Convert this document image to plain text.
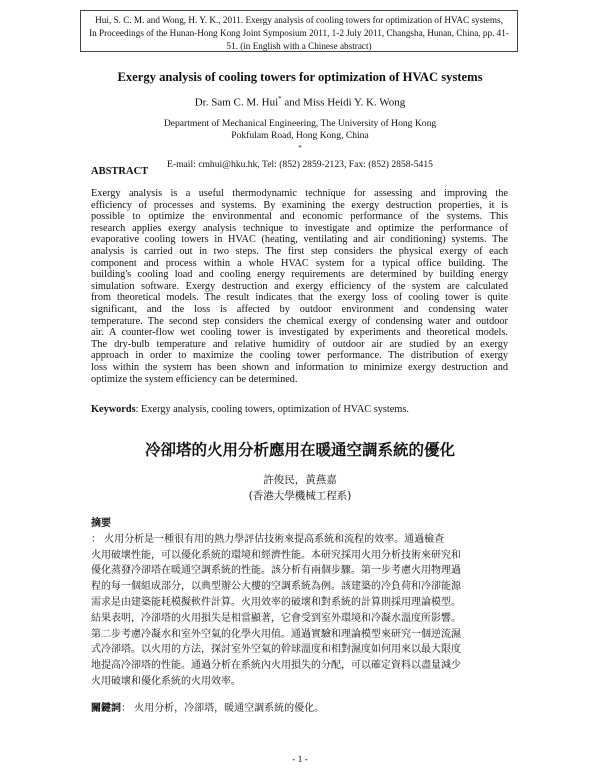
Hui, S. C. M. and Wong, H. Y. K., 2011. Exergy analysis of cooling towers for optimization of HVAC systems,
In Proceedings of the Hunan-Hong Kong Joint Symposium 2011, 1-2 July 2011, Changsha, Hunan, China, pp. 41-
51. (in English with a Chinese abstract)
Exergy analysis of cooling towers for optimization of HVAC systems
Dr. Sam C. M. Hui* and Miss Heidi Y. K. Wong
Department of Mechanical Engineering, The University of Hong Kong
Pokfulam Road, Hong Kong, China
*
E-mail: cmhui@hku.hk, Tel: (852) 2859-2123, Fax: (852) 2858-5415
ABSTRACT
Exergy analysis is a useful thermodynamic technique for assessing and improving the
efficiency of processes and systems. By examining the exergy destruction properties, it is
possible to optimize the environmental and economic performance of the systems. This
research applies exergy analysis technique to investigate and optimize the performance of
evaporative cooling towers in HVAC (heating, ventilating and air conditioning) systems. The
analysis is carried out in two steps. The first step considers the physical exergy of each
component and process within a whole HVAC system for a typical office building. The
building's cooling load and cooling energy requirements are determined by building energy
simulation software. Exergy destruction and exergy efficiency of the system are calculated
from theoretical models. The result indicates that the exergy loss of cooling tower is quite
significant, and the loss is affected by outdoor environment and condensing water
temperature. The second step considers the chemical exergy of condensing water and outdoor
air. A counter-flow wet cooling tower is investigated by experiments and theoretical models.
The dry-bulb temperature and relative humidity of outdoor air are studied by an exergy
approach in order to maximize the cooling tower performance. The distribution of exergy
loss within the system has been shown and information to minimize exergy destruction and
optimize the system efficiency can be determined.
Keywords: Exergy analysis, cooling towers, optimization of HVAC systems.
冷卻塔的火用分析應用在暖通空調系統的優化
許俊民，黃燕嘉
(香港大學機械工程系)
摘要
： 火用分析是一種很有用的熱力學評估技術來提高系統和流程的效率。通過檢查
火用破壞性能，可以優化系統的環境和經濟性能。本研究採用火用分析技術來研究和
優化蒸發冷卻塔在暖通空調系統的性能。該分析有兩個步驟。第一步考慮火用物理過
程的每一個組成部分，以典型辦公大樓的空調系統為例。該建築的冷負荷和冷卻能源
需求是由建築能耗模擬軟件計算。火用效率的破壞和對系統的計算則採用理論模型。
結果表明，冷卻塔的火用損失是相當顯著，它會受到室外環境和冷凝水溫度所影響。
第二步考慮冷凝水和室外空氣的化學火用值。通過實驗和理論模型來研究一個逆流濕
式冷卻塔。以火用的方法，探討室外空氣的幹球溫度和相對濕度如何用來以最大限度
地提高冷卻塔的性能。通過分析在系統內火用損失的分配，可以確定資料以盡量減少
火用破壞和優化系統的火用效率。
關鍵詞： 火用分析，冷卻塔，暖通空調系統的優化。
- 1 -
